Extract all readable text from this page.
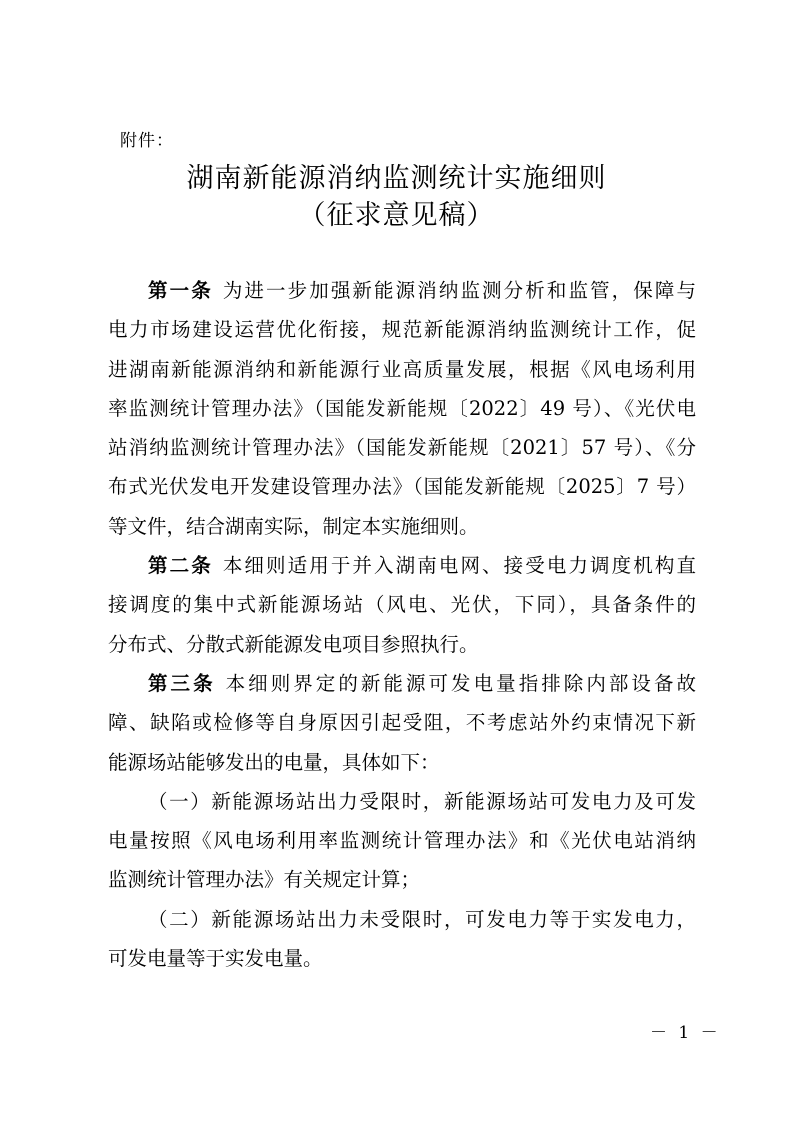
附件：
湖南新能源消纳监测统计实施细则
（征求意见稿）
第一条 为进一步加强新能源消纳监测分析和监管，保障与
电力市场建设运营优化衔接，规范新能源消纳监测统计工作，促
进湖南新能源消纳和新能源行业高质量发展，根据《风电场利用
率监测统计管理办法》（国能发新能规〔2022〕49 号）、《光伏电
站消纳监测统计管理办法》（国能发新能规〔2021〕57 号）、《分
布式光伏发电开发建设管理办法》（国能发新能规〔2025〕7 号）
等文件，结合湖南实际，制定本实施细则。
第二条 本细则适用于并入湖南电网、接受电力调度机构直
接调度的集中式新能源场站（风电、光伏，下同），具备条件的
分布式、分散式新能源发电项目参照执行。
第三条 本细则界定的新能源可发电量指排除内部设备故
障、缺陷或检修等自身原因引起受阻，不考虑站外约束情况下新
能源场站能够发出的电量，具体如下：
（一）新能源场站出力受限时，新能源场站可发电力及可发
电量按照《风电场利用率监测统计管理办法》和《光伏电站消纳
监测统计管理办法》有关规定计算；
（二）新能源场站出力未受限时，可发电力等于实发电力，
可发电量等于实发电量。
－ 1 －
